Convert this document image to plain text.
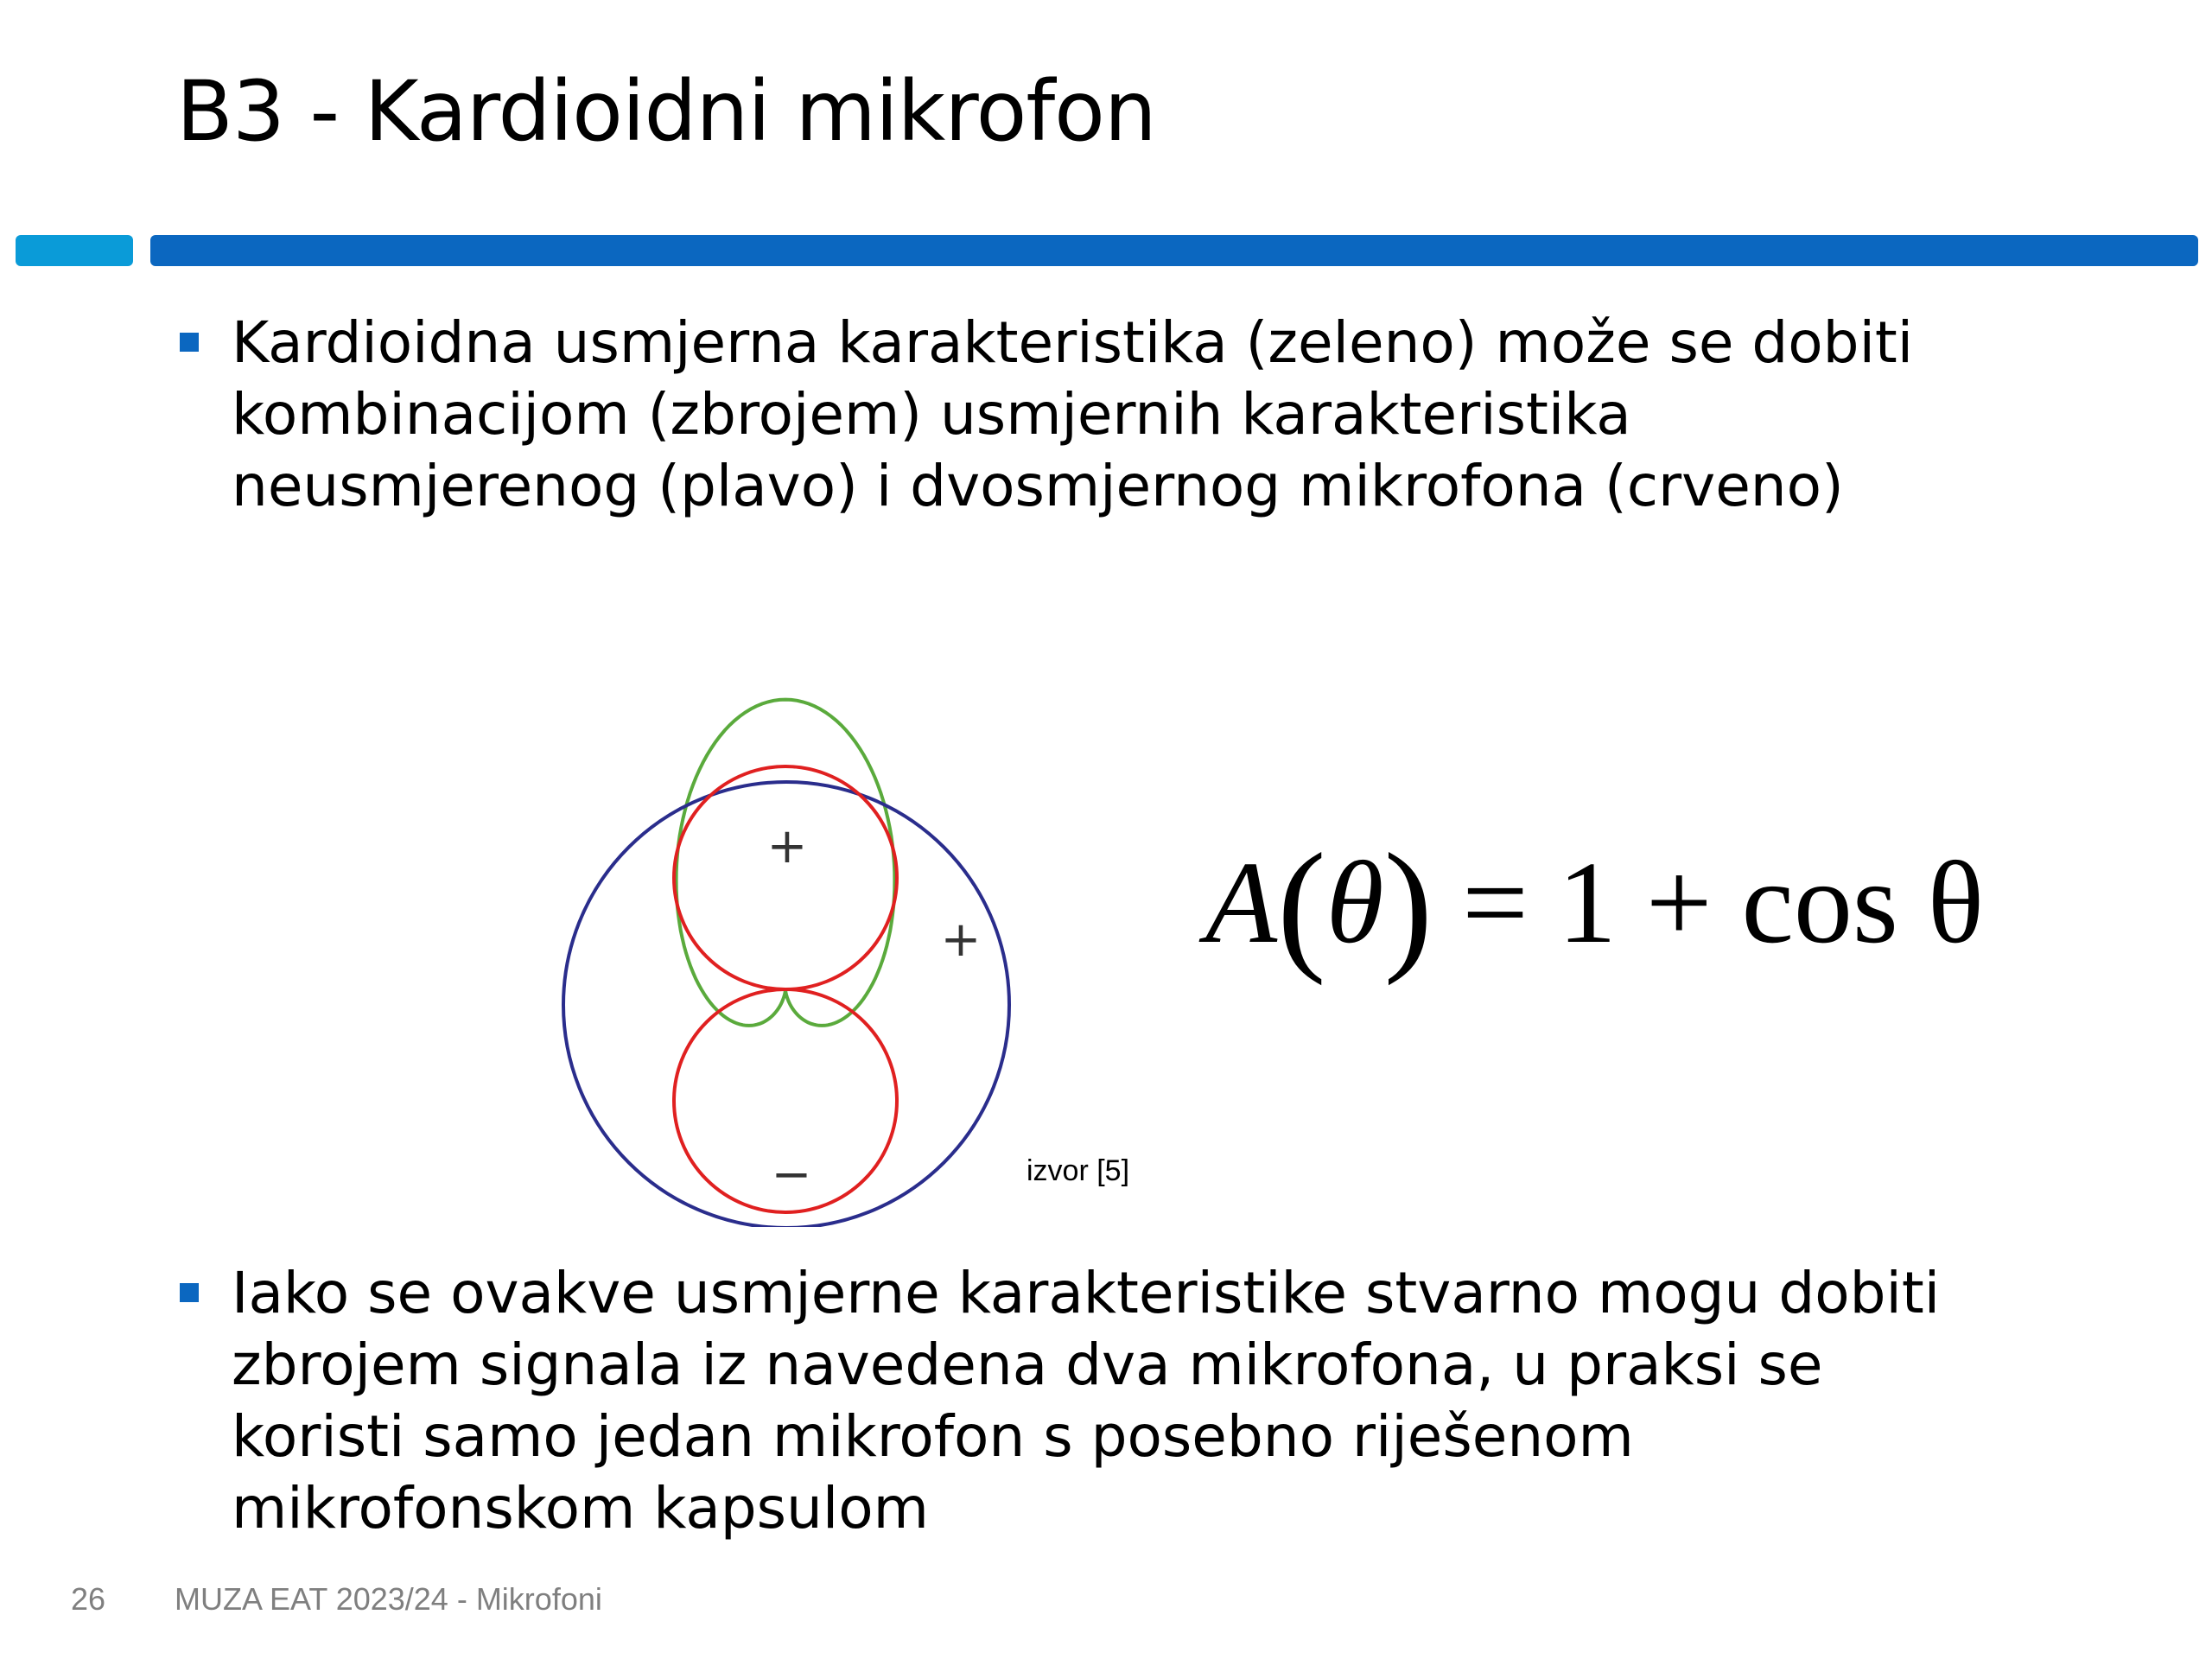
B3 - Kardioidni mikrofon
Kardioidna usmjerna karakteristika (zeleno) može se dobiti
kombinacijom (zbrojem) usmjernih karakteristika
neusmjerenog (plavo) i dvosmjernog mikrofona (crveno)
+
+
−	izvor [5]
A(θ) = 1 + cos θ
Iako se ovakve usmjerne karakteristike stvarno mogu dobiti
zbrojem signala iz navedena dva mikrofona, u praksi se
koristi samo jedan mikrofon s posebno riješenom
mikrofonskom kapsulom
26 MUZA EAT 2023/24 - Mikrofoni
